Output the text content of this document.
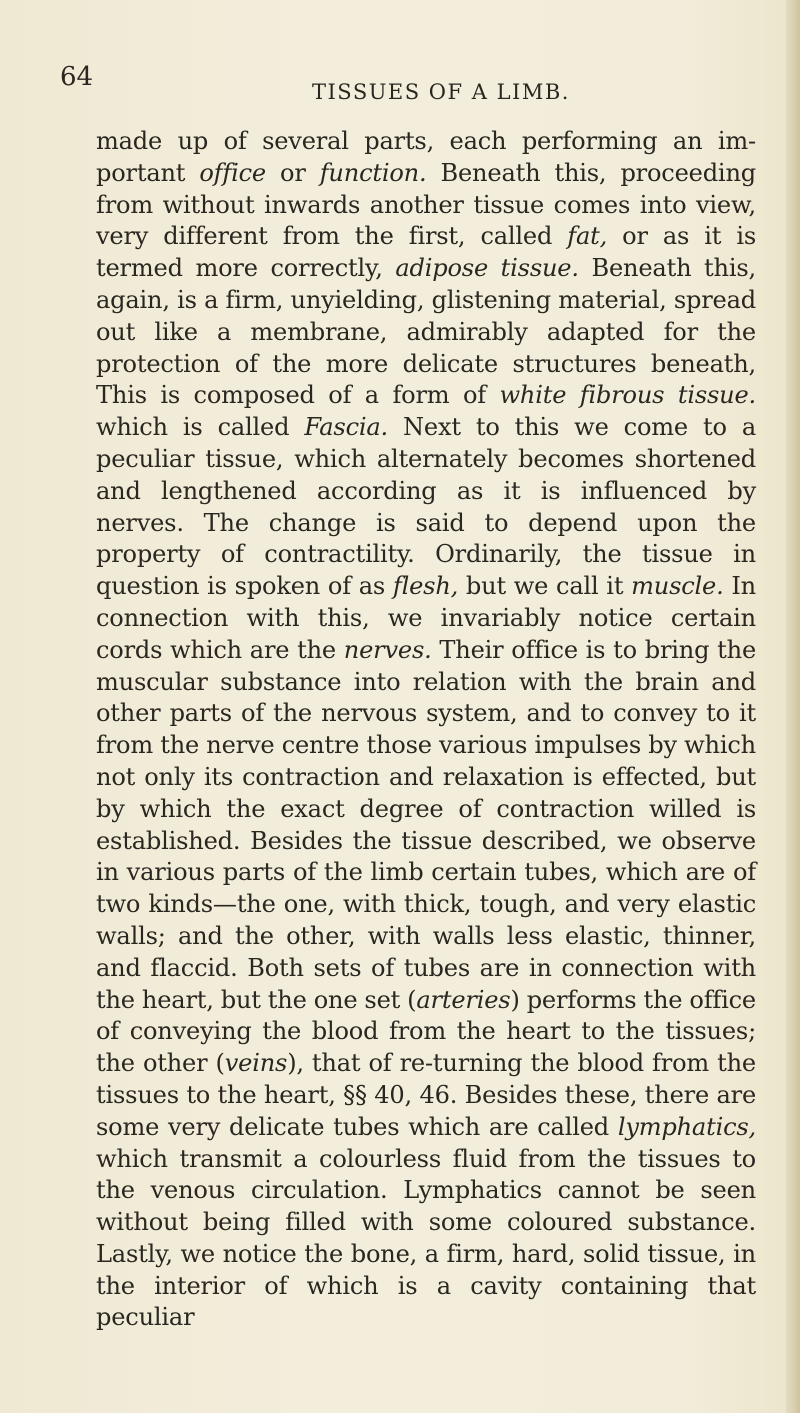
64	TISSUES OF A LIMB.

made up of several parts, each performing an im-portant office or function. Beneath this, proceeding from without inwards another tissue comes into view, very different from the first, called fat, or as it is termed more correctly, adipose tissue. Beneath this, again, is a firm, unyielding, glistening material, spread out like a membrane, admirably adapted for the protection of the more delicate structures beneath, This is composed of a form of white fibrous tissue. which is called Fascia. Next to this we come to a peculiar tissue, which alternately becomes shortened and lengthened according as it is influenced by nerves. The change is said to depend upon the property of contractility. Ordinarily, the tissue in question is spoken of as flesh, but we call it muscle. In connection with this, we invariably notice certain cords which are the nerves. Their office is to bring the muscular substance into relation with the brain and other parts of the nervous system, and to convey to it from the nerve centre those various impulses by which not only its contraction and relaxation is effected, but by which the exact degree of contraction willed is established. Besides the tissue described, we observe in various parts of the limb certain tubes, which are of two kinds—the one, with thick, tough, and very elastic walls; and the other, with walls less elastic, thinner, and flaccid. Both sets of tubes are in connection with the heart, but the one set (arteries) performs the office of conveying the blood from the heart to the tissues; the other (veins), that of re-turning the blood from the tissues to the heart, §§ 40, 46. Besides these, there are some very delicate tubes which are called lymphatics, which transmit a colourless fluid from the tissues to the venous circulation. Lymphatics cannot be seen without being filled with some coloured substance. Lastly, we notice the bone, a firm, hard, solid tissue, in the interior of which is a cavity containing that peculiar
